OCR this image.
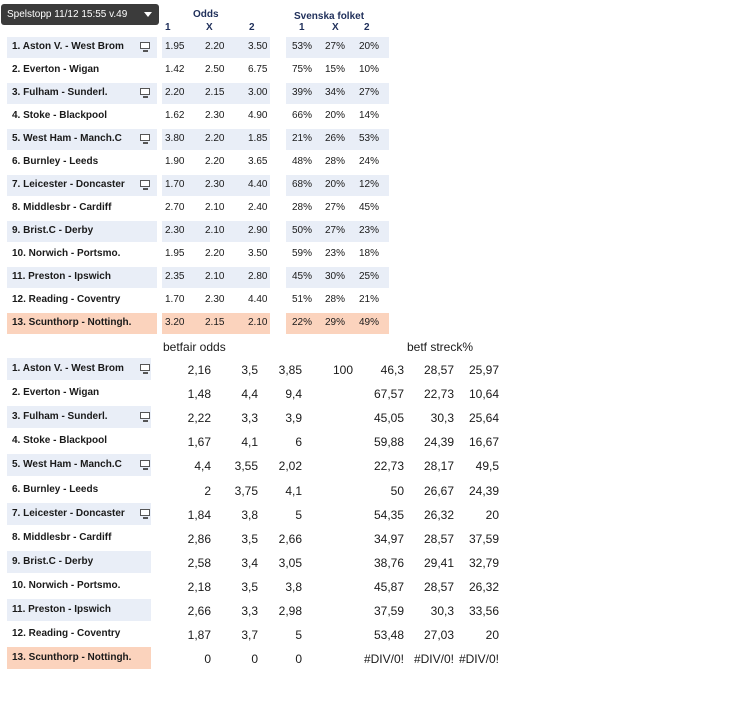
Spelstopp 11/12 15:55 v.49	Odds	Svenska folket
1	X	2	1	X	2
1. Aston V. - West Brom	1.95 2.20 3.50 53% 27% 20%
2. Everton - Wigan	1.42 2.50 6.75 75% 15% 10%
3. Fulham - Sunderl.	2.20 2.15 3.00 39% 34% 27%
4. Stoke - Blackpool	1.62 2.30 4.90 66% 20% 14%
5. West Ham - Manch.C	3.80 2.20 1.85 21% 26% 53%
6. Burnley - Leeds	1.90 2.20 3.65 48% 28% 24%
7. Leicester - Doncaster	1.70 2.30 4.40 68% 20% 12%
8. Middlesbr - Cardiff	2.70 2.10 2.40 28% 27% 45%
9. Brist.C - Derby	2.30 2.10 2.90 50% 27% 23%
10. Norwich - Portsmo.	1.95 2.20 3.50 59% 23% 18%
11. Preston - Ipswich	2.35 2.10 2.80 45% 30% 25%
12. Reading - Coventry	1.70 2.30 4.40 51% 28% 21%
13. Scunthorp - Nottingh.	3.20 2.15 2.10 22% 29% 49%
betfair odds	betf streck%
1. Aston V. - West Brom	2,16	3,5 3,85	100 46,3 28,57 25,97
2. Everton - Wigan	1,48	4,4 9,4	67,57 22,73 10,64
3. Fulham - Sunderl.	2,22	3,3 3,9	45,05 30,3 25,64
4. Stoke - Blackpool	1,67	4,1	6	59,88 24,39 16,67
5. West Ham - Manch.C	4,4 3,55 2,02	22,73 28,17 49,5
6. Burnley - Leeds	2 3,75 4,1	50 26,67 24,39
7. Leicester - Doncaster	1,84	3,8	5	54,35 26,32	20
8. Middlesbr - Cardiff	2,86	3,5 2,66	34,97 28,57 37,59
9. Brist.C - Derby	2,58	3,4 3,05	38,76 29,41 32,79
10. Norwich - Portsmo.	2,18	3,5 3,8	45,87 28,57 26,32
11. Preston - Ipswich	2,66	3,3 2,98	37,59 30,3 33,56
12. Reading - Coventry	1,87	3,7	5	53,48 27,03	20
13. Scunthorp - Nottingh.	0	0	0	#DIV/0! #DIV/0! #DIV/0!
